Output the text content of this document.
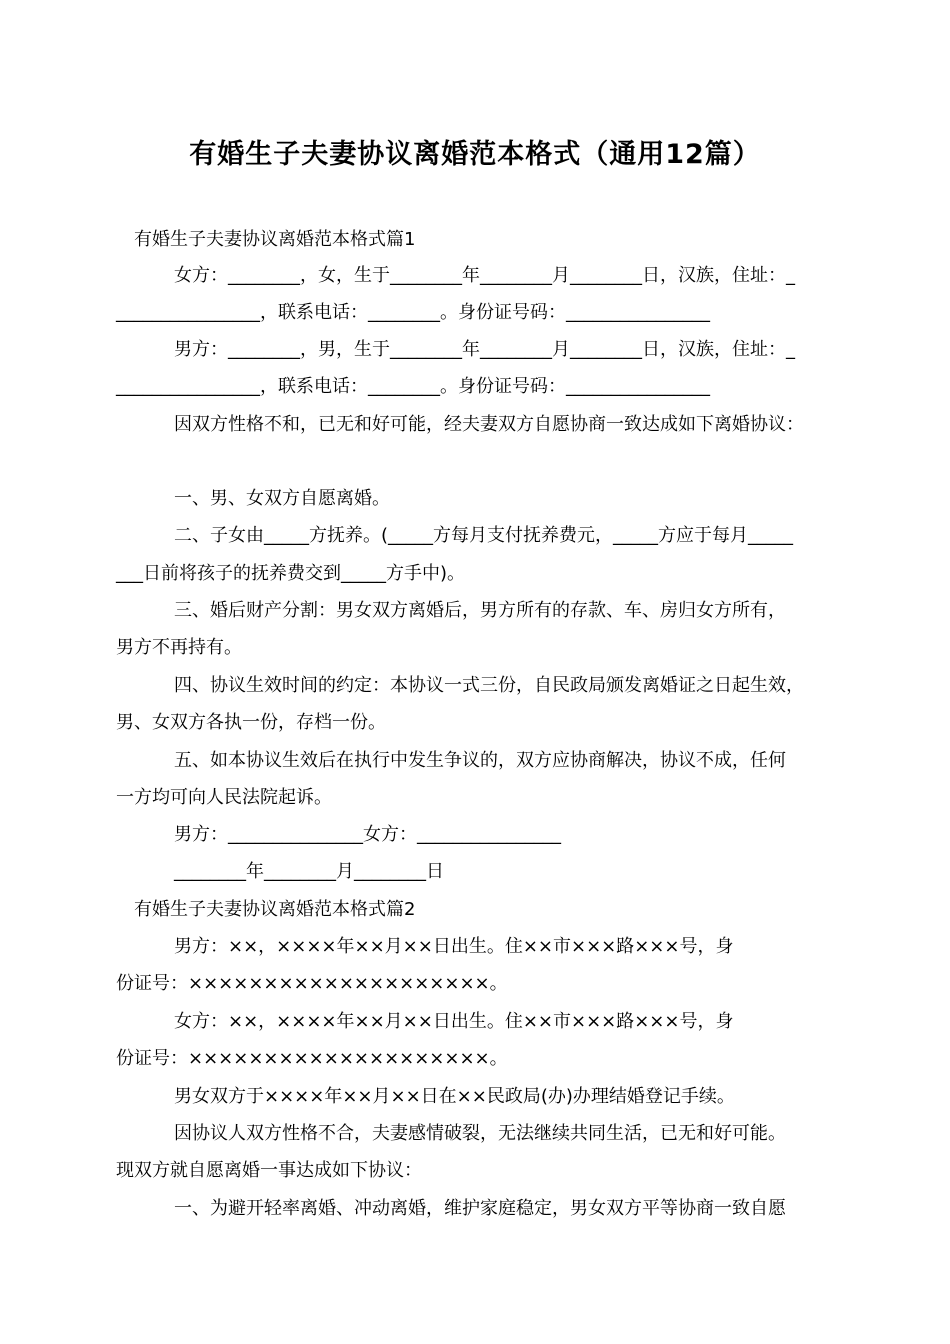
有婚生子夫妻协议离婚范本格式（通用12篇）
有婚生子夫妻协议离婚范本格式篇1
女方：________，女，生于________年________月________日，汉族，住址：_
________________，联系电话：________。身份证号码：________________
男方：________，男，生于________年________月________日，汉族，住址：_
________________，联系电话：________。身份证号码：________________
因双方性格不和，已无和好可能，经夫妻双方自愿协商一致达成如下离婚协议：
一、男、女双方自愿离婚。
二、子女由_____方抚养。(_____方每月支付抚养费元，_____方应于每月_____
___日前将孩子的抚养费交到_____方手中)。
三、婚后财产分割：男女双方离婚后，男方所有的存款、车、房归女方所有，
男方不再持有。
四、协议生效时间的约定：本协议一式三份，自民政局颁发离婚证之日起生效，
男、女双方各执一份，存档一份。
五、如本协议生效后在执行中发生争议的，双方应协商解决，协议不成，任何
一方均可向人民法院起诉。
男方：_______________女方：________________
________年________月________日
有婚生子夫妻协议离婚范本格式篇2
男方：××，××××年××月××日出生。住××市×××路×××号，身
份证号：××××××××××××××××××××。
女方：××，××××年××月××日出生。住××市×××路×××号，身
份证号：××××××××××××××××××××。
男女双方于××××年××月××日在××民政局(办)办理结婚登记手续。
因协议人双方性格不合，夫妻感情破裂，无法继续共同生活，已无和好可能。
现双方就自愿离婚一事达成如下协议：
一、为避开轻率离婚、冲动离婚，维护家庭稳定，男女双方平等协商一致自愿
